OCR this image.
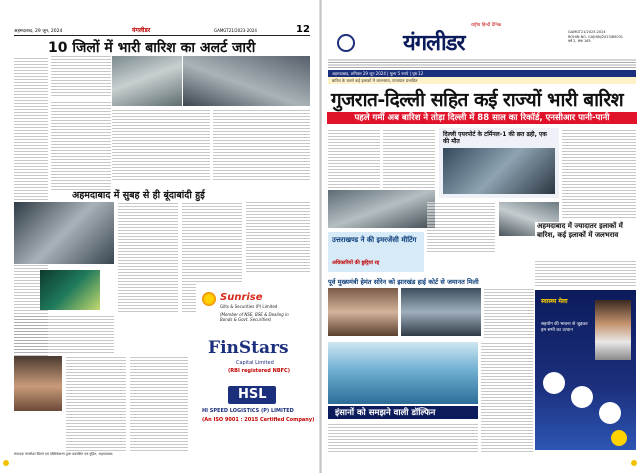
अहमदाबाद, 29 जून, 2024	यंगलीडर	GAMGT21/2023-2024	12
10 जिलों में भारी बारिश का अलर्ट जारी
अहमदाबाद में सुबह से ही बूंदाबांदी हुई
Sunrise
Gilts & Securities (P) Limited
(Member of NSE, BSE & Dealing in
Bonds & Govt. Securities)
FinStars
Capital Limited
(RBI registered NBFC)
HSL
HI SPEED LOGISTICS (P) LIMITED
(An ISO 9001 : 2015 Certified Company)
संपादक यंगलीडर प्रिंटर्स एवं पब्लिकेशन्स द्वारा प्रकाशित एवं मुद्रित, अहमदाबाद
राष्ट्रीय हिन्दी दैनिक
यंगलीडर	GAMGT21/2023-2024
ROHIN NO. GUJHIN/2023/89031
वर्ष 2, अंक 165
अहमदाबाद, शनिवार 29 जून 2024 | मूल्य 5 रुपये | पृष्ठ 12
बारिश के चलते कई इलाकों में जलभराव, यातायात प्रभावित
गुजरात-दिल्ली सहित कई राज्यों भारी बारिश
पहले गर्मी अब बारिश ने तोड़ा दिल्ली में 88 साल का रिकॉर्ड, एनसीआर पानी-पानी
दिल्ली एयरपोर्ट के टर्मिनल-1 की छत ढही, एक की मौत
उत्तराखण्ड ने की इमरजेंसी मीटिंग
अधिकारियों की छुट्टियां रद्द
पूर्व मुख्यमंत्री हेमंत सोरेन को झारखंड हाई कोर्ट से जमानत मिली
अहमदाबाद में ज्यादातर इलाकों में बारिश, कई इलाकों में जलभराव
इंसानों को समझने वाली डॉल्फिन
स्वास्थ्य मेला
सहयोग की भावना से जुड़कर हम सभी का उत्थान
